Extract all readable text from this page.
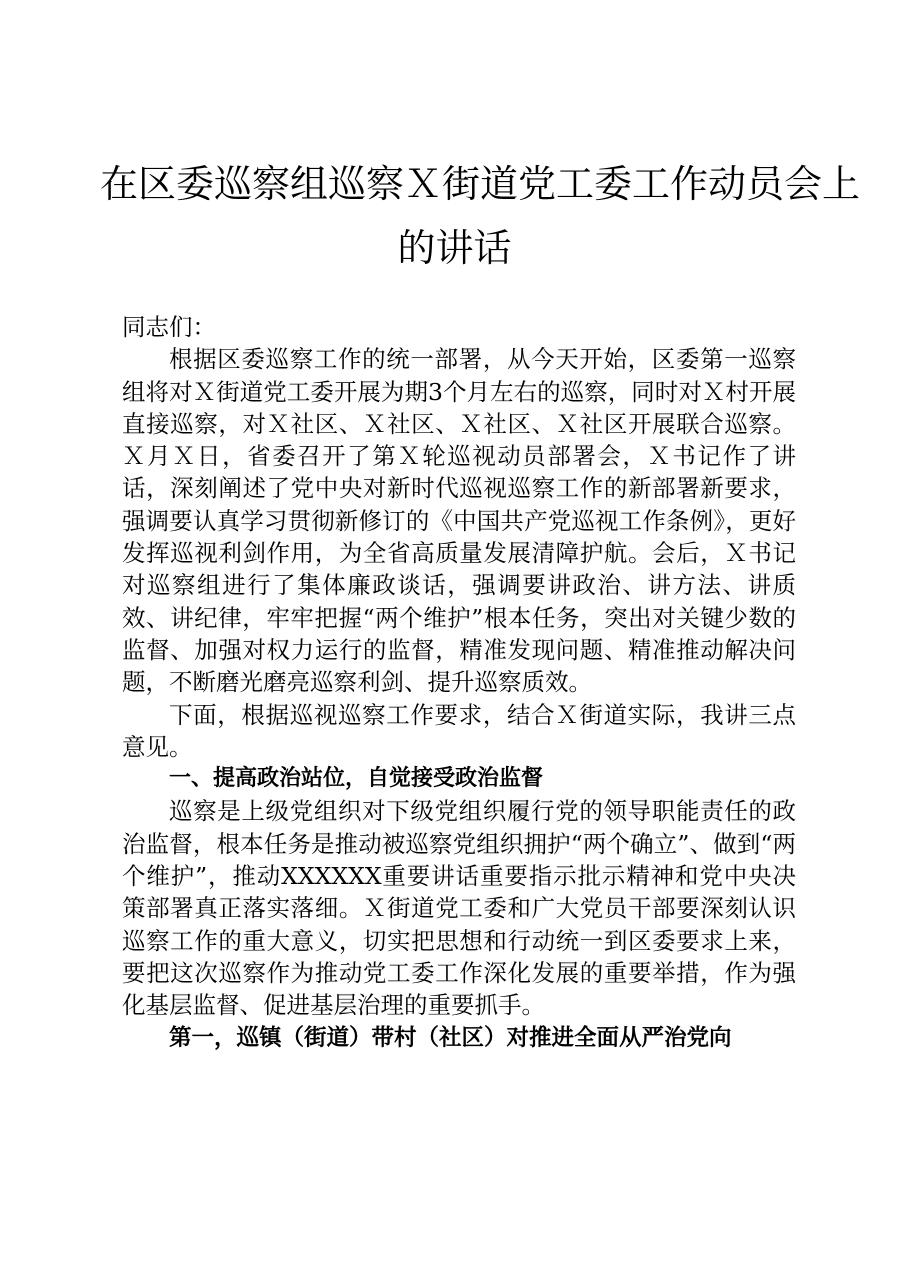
在区委巡察组巡察Ｘ街道党工委工作动员会上
的讲话

同志们：

根据区委巡察工作的统一部署，从今天开始，区委第一巡察组将对Ｘ街道党工委开展为期3个月左右的巡察，同时对Ｘ村开展直接巡察，对Ｘ社区、Ｘ社区、Ｘ社区、Ｘ社区开展联合巡察。Ｘ月Ｘ日，省委召开了第Ｘ轮巡视动员部署会，Ｘ书记作了讲话，深刻阐述了党中央对新时代巡视巡察工作的新部署新要求，强调要认真学习贯彻新修订的《中国共产党巡视工作条例》，更好发挥巡视利剑作用，为全省高质量发展清障护航。会后，Ｘ书记对巡察组进行了集体廉政谈话，强调要讲政治、讲方法、讲质效、讲纪律，牢牢把握“两个维护”根本任务，突出对关键少数的监督、加强对权力运行的监督，精准发现问题、精准推动解决问题，不断磨光磨亮巡察利剑、提升巡察质效。

下面，根据巡视巡察工作要求，结合Ｘ街道实际，我讲三点意见。

一、提高政治站位，自觉接受政治监督

巡察是上级党组织对下级党组织履行党的领导职能责任的政治监督，根本任务是推动被巡察党组织拥护“两个确立”、做到“两个维护”，推动XXXXXX重要讲话重要指示批示精神和党中央决策部署真正落实落细。Ｘ街道党工委和广大党员干部要深刻认识巡察工作的重大意义，切实把思想和行动统一到区委要求上来，要把这次巡察作为推动党工委工作深化发展的重要举措，作为强化基层监督、促进基层治理的重要抓手。

第一，巡镇（街道）带村（社区）对推进全面从严治党向
